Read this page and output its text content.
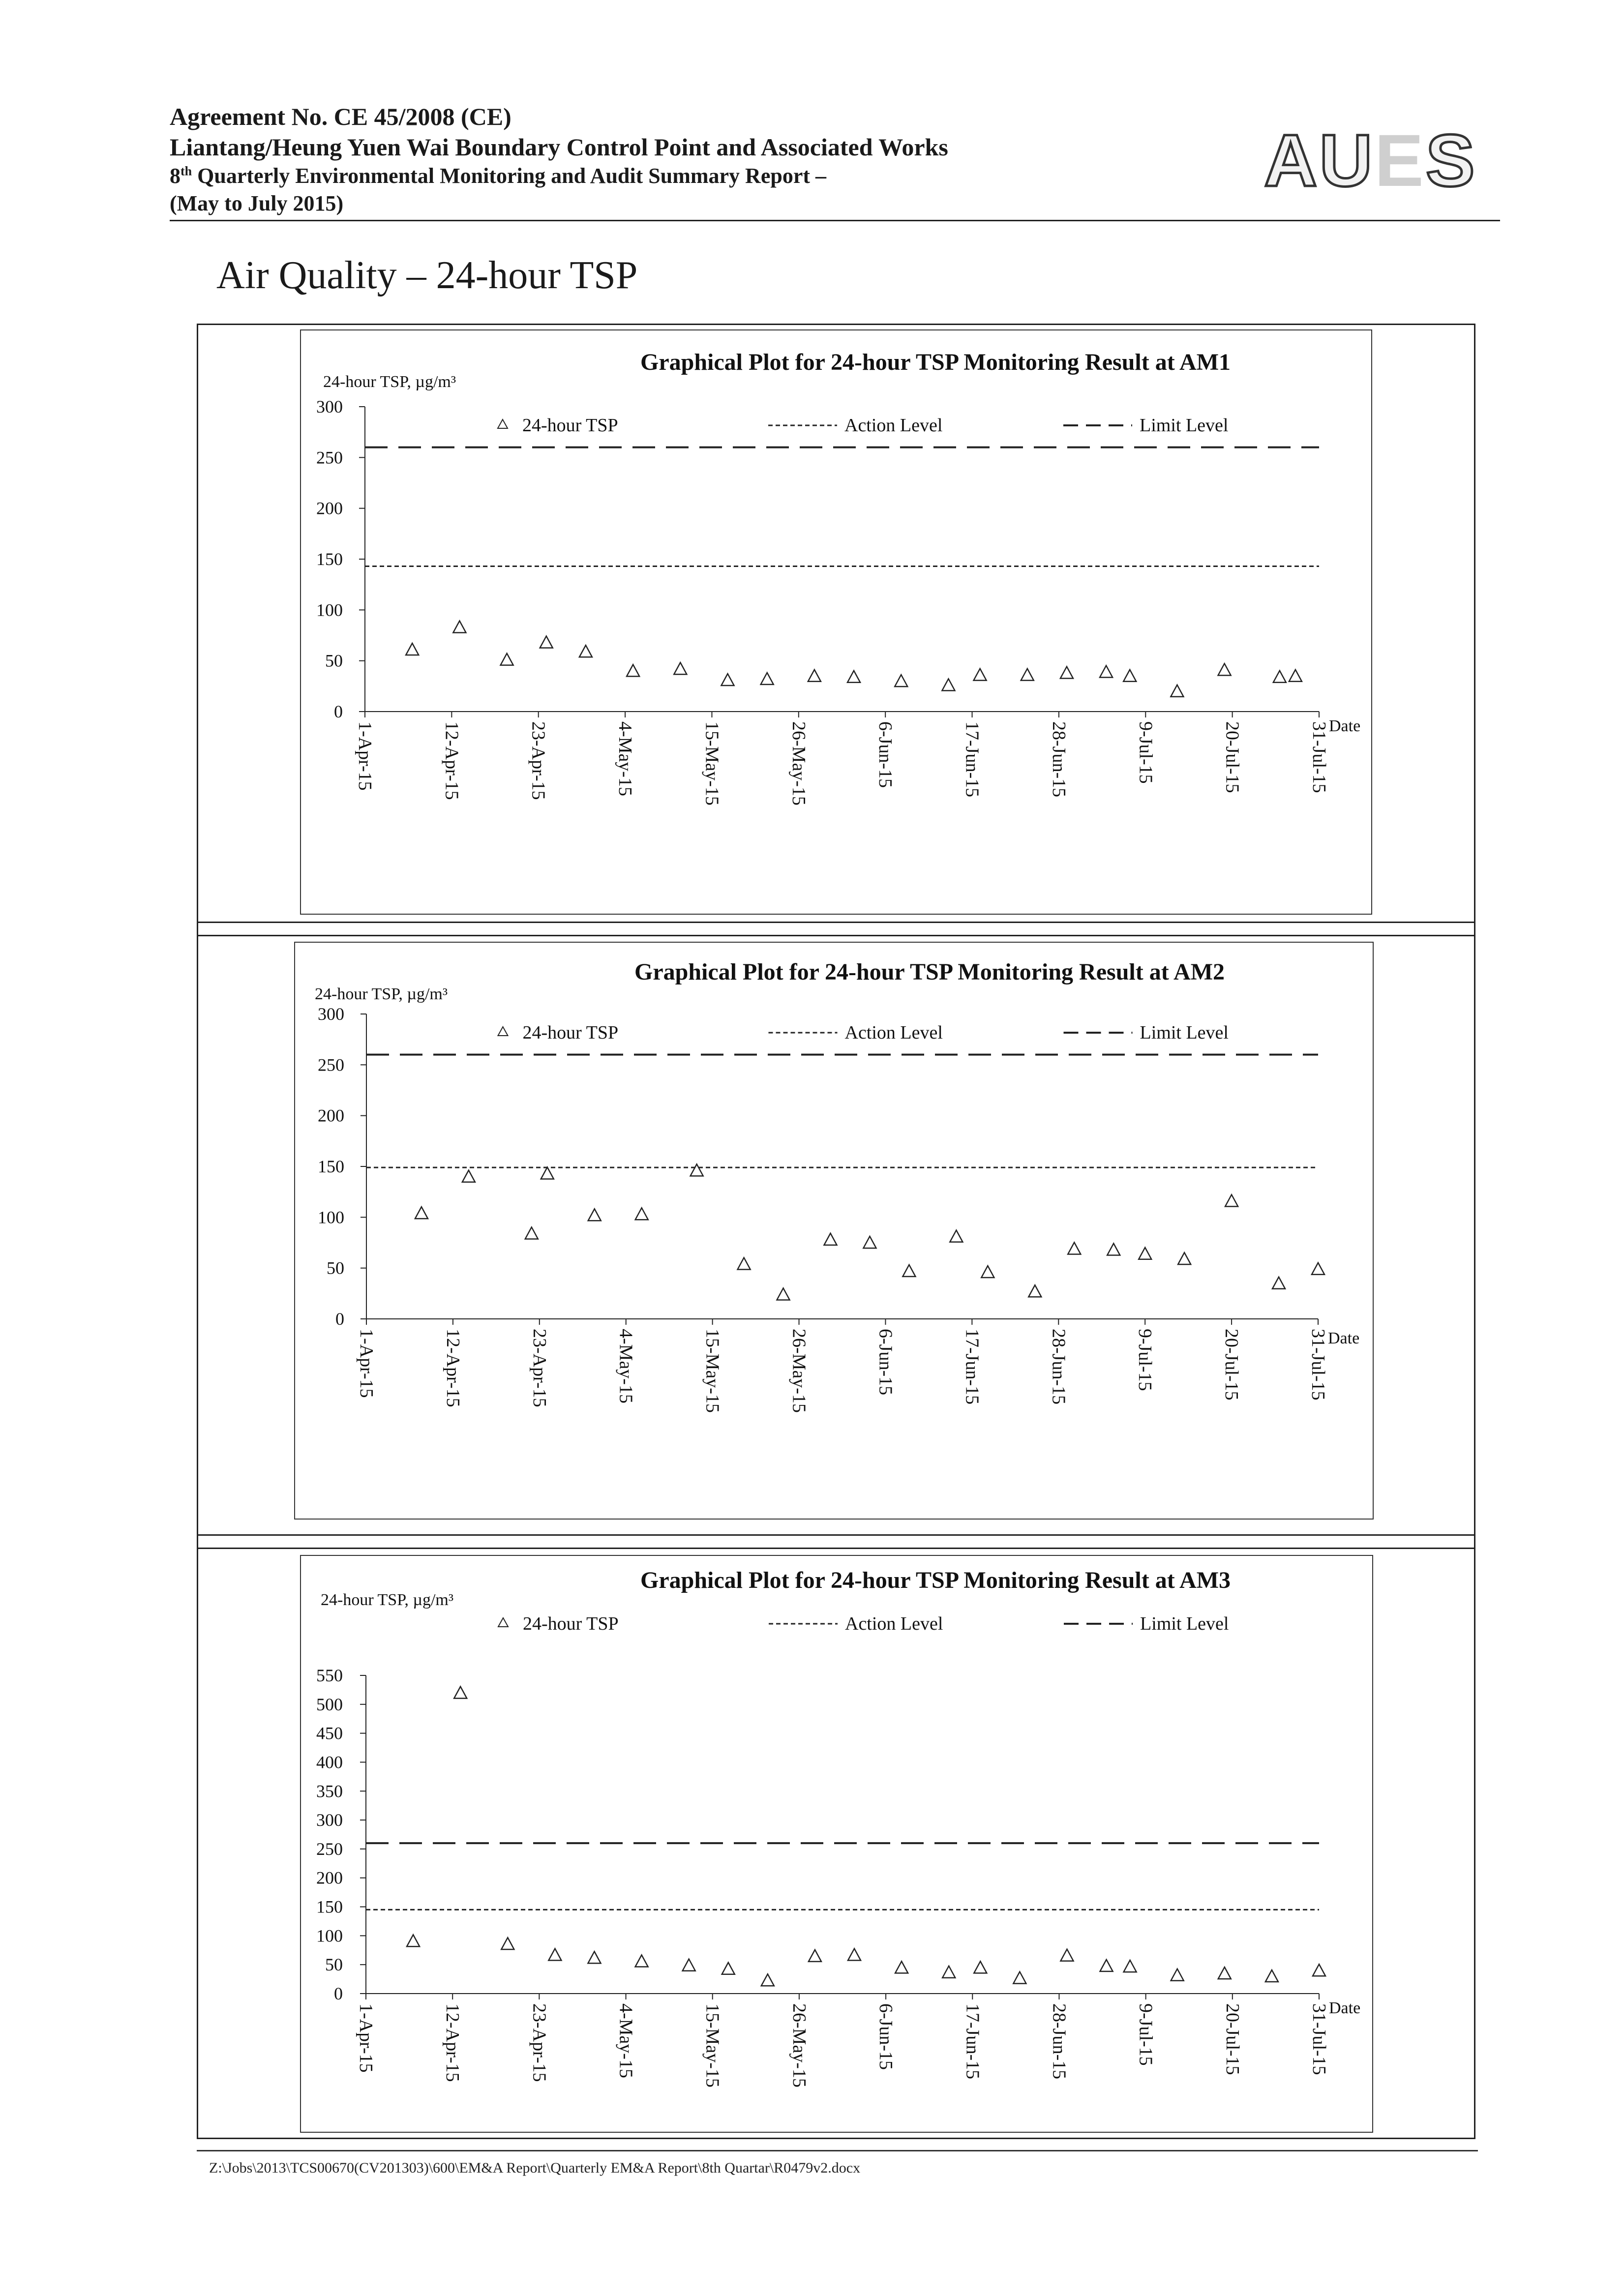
Agreement No. CE 45/2008 (CE)
Liantang/Heung Yuen Wai Boundary Control Point and Associated Works
8th Quarterly Environmental Monitoring and Audit Summary Report –
(May to July 2015)
AUES
Air Quality – 24-hour TSP
Graphical Plot for 24-hour TSP Monitoring Result at AM1
24-hour TSP, µg/m³
Date
0
50
100
150
200
250
300
1-Apr-15	12-Apr-15	23-Apr-15	4-May-15	15-May-15	26-May-15	6-Jun-15	17-Jun-15	28-Jun-15	9-Jul-15	20-Jul-15	31-Jul-15
24-hour TSP	Action Level	Limit Level
Graphical Plot for 24-hour TSP Monitoring Result at AM2
24-hour TSP, µg/m³
Date
0
50
100
150
200
250
300
1-Apr-15	12-Apr-15	23-Apr-15	4-May-15	15-May-15	26-May-15	6-Jun-15	17-Jun-15	28-Jun-15	9-Jul-15	20-Jul-15	31-Jul-15
24-hour TSP	Action Level	Limit Level
Graphical Plot for 24-hour TSP Monitoring Result at AM3
24-hour TSP, µg/m³
Date
0
50
100
150
200
250
300
350
400
450
500
550
1-Apr-15	12-Apr-15	23-Apr-15	4-May-15	15-May-15	26-May-15	6-Jun-15	17-Jun-15	28-Jun-15	9-Jul-15	20-Jul-15	31-Jul-15
24-hour TSP	Action Level	Limit Level
Z:\Jobs\2013\TCS00670(CV201303)\600\EM&A Report\Quarterly EM&A Report\8th Quartar\R0479v2.docx
